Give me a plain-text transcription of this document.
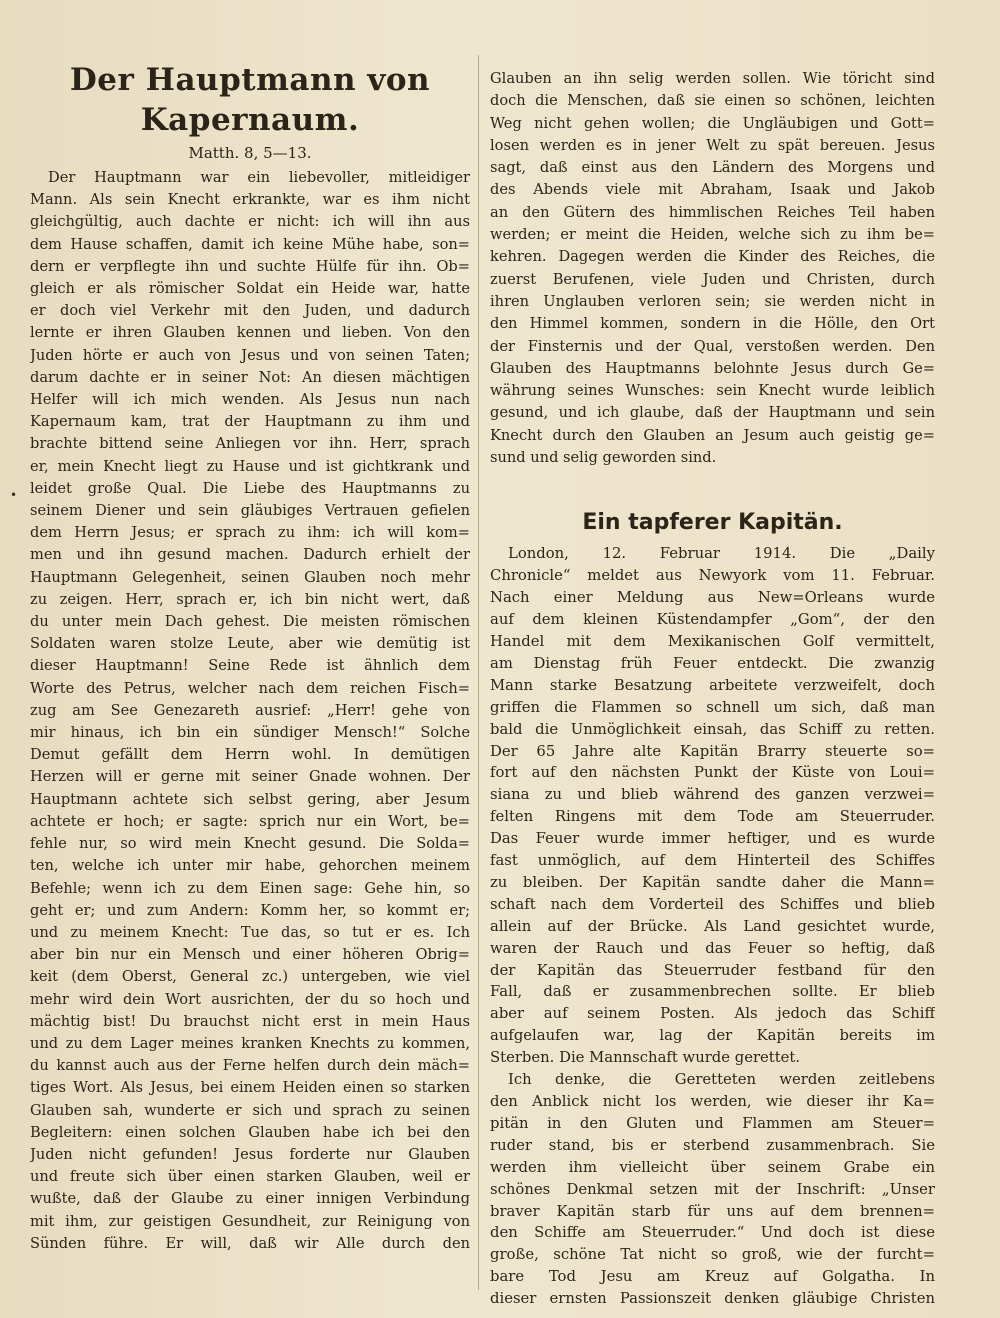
•
Der Hauptmann von Kapernaum.
Matth. 8, 5—13.
Der Hauptmann war ein liebevoller, mitleidiger
Mann. Als sein Knecht erkrankte, war es ihm nicht
gleichgültig, auch dachte er nicht: ich will ihn aus
dem Hause schaffen, damit ich keine Mühe habe, son=
dern er verpflegte ihn und suchte Hülfe für ihn. Ob=
gleich er als römischer Soldat ein Heide war, hatte
er doch viel Verkehr mit den Juden, und dadurch
lernte er ihren Glauben kennen und lieben. Von den
Juden hörte er auch von Jesus und von seinen Taten;
darum dachte er in seiner Not: An diesen mächtigen
Helfer will ich mich wenden. Als Jesus nun nach
Kapernaum kam, trat der Hauptmann zu ihm und
brachte bittend seine Anliegen vor ihn. Herr, sprach
er, mein Knecht liegt zu Hause und ist gichtkrank und
leidet große Qual. Die Liebe des Hauptmanns zu
seinem Diener und sein gläubiges Vertrauen gefielen
dem Herrn Jesus; er sprach zu ihm: ich will kom=
men und ihn gesund machen. Dadurch erhielt der
Hauptmann Gelegenheit, seinen Glauben noch mehr
zu zeigen. Herr, sprach er, ich bin nicht wert, daß
du unter mein Dach gehest. Die meisten römischen
Soldaten waren stolze Leute, aber wie demütig ist
dieser Hauptmann! Seine Rede ist ähnlich dem
Worte des Petrus, welcher nach dem reichen Fisch=
zug am See Genezareth ausrief: „Herr! gehe von
mir hinaus, ich bin ein sündiger Mensch!“ Solche
Demut gefällt dem Herrn wohl. In demütigen
Herzen will er gerne mit seiner Gnade wohnen. Der
Hauptmann achtete sich selbst gering, aber Jesum
achtete er hoch; er sagte: sprich nur ein Wort, be=
fehle nur, so wird mein Knecht gesund. Die Solda=
ten, welche ich unter mir habe, gehorchen meinem
Befehle; wenn ich zu dem Einen sage: Gehe hin, so
geht er; und zum Andern: Komm her, so kommt er;
und zu meinem Knecht: Tue das, so tut er es. Ich
aber bin nur ein Mensch und einer höheren Obrig=
keit (dem Oberst, General zc.) untergeben, wie viel
mehr wird dein Wort ausrichten, der du so hoch und
mächtig bist! Du brauchst nicht erst in mein Haus
und zu dem Lager meines kranken Knechts zu kommen,
du kannst auch aus der Ferne helfen durch dein mäch=
tiges Wort. Als Jesus, bei einem Heiden einen so starken
Glauben sah, wunderte er sich und sprach zu seinen
Begleitern: einen solchen Glauben habe ich bei den
Juden nicht gefunden! Jesus forderte nur Glauben
und freute sich über einen starken Glauben, weil er
wußte, daß der Glaube zu einer innigen Verbindung
mit ihm, zur geistigen Gesundheit, zur Reinigung von
Sünden führe. Er will, daß wir Alle durch den
Glauben an ihn selig werden sollen. Wie töricht sind
doch die Menschen, daß sie einen so schönen, leichten
Weg nicht gehen wollen; die Ungläubigen und Gott=
losen werden es in jener Welt zu spät bereuen. Jesus
sagt, daß einst aus den Ländern des Morgens und
des Abends viele mit Abraham, Isaak und Jakob
an den Gütern des himmlischen Reiches Teil haben
werden; er meint die Heiden, welche sich zu ihm be=
kehren. Dagegen werden die Kinder des Reiches, die
zuerst Berufenen, viele Juden und Christen, durch
ihren Unglauben verloren sein; sie werden nicht in
den Himmel kommen, sondern in die Hölle, den Ort
der Finsternis und der Qual, verstoßen werden. Den
Glauben des Hauptmanns belohnte Jesus durch Ge=
währung seines Wunsches: sein Knecht wurde leiblich
gesund, und ich glaube, daß der Hauptmann und sein
Knecht durch den Glauben an Jesum auch geistig ge=
sund und selig geworden sind.
Ein tapferer Kapitän.
London, 12. Februar 1914. Die „Daily
Chronicle“ meldet aus Newyork vom 11. Februar.
Nach einer Meldung aus New=Orleans wurde
auf dem kleinen Küstendampfer „Gom“, der den
Handel mit dem Mexikanischen Golf vermittelt,
am Dienstag früh Feuer entdeckt. Die zwanzig
Mann starke Besatzung arbeitete verzweifelt, doch
griffen die Flammen so schnell um sich, daß man
bald die Unmöglichkeit einsah, das Schiff zu retten.
Der 65 Jahre alte Kapitän Brarry steuerte so=
fort auf den nächsten Punkt der Küste von Loui=
siana zu und blieb während des ganzen verzwei=
felten Ringens mit dem Tode am Steuerruder.
Das Feuer wurde immer heftiger, und es wurde
fast unmöglich, auf dem Hinterteil des Schiffes
zu bleiben. Der Kapitän sandte daher die Mann=
schaft nach dem Vorderteil des Schiffes und blieb
allein auf der Brücke. Als Land gesichtet wurde,
waren der Rauch und das Feuer so heftig, daß
der Kapitän das Steuerruder festband für den
Fall, daß er zusammenbrechen sollte. Er blieb
aber auf seinem Posten. Als jedoch das Schiff
aufgelaufen war, lag der Kapitän bereits im
Sterben. Die Mannschaft wurde gerettet.
Ich denke, die Geretteten werden zeitlebens
den Anblick nicht los werden, wie dieser ihr Ka=
pitän in den Gluten und Flammen am Steuer=
ruder stand, bis er sterbend zusammenbrach. Sie
werden ihm vielleicht über seinem Grabe ein
schönes Denkmal setzen mit der Inschrift: „Unser
braver Kapitän starb für uns auf dem brennen=
den Schiffe am Steuerruder.“ Und doch ist diese
große, schöne Tat nicht so groß, wie der furcht=
bare Tod Jesu am Kreuz auf Golgatha. In
dieser ernsten Passionszeit denken gläubige Christen
